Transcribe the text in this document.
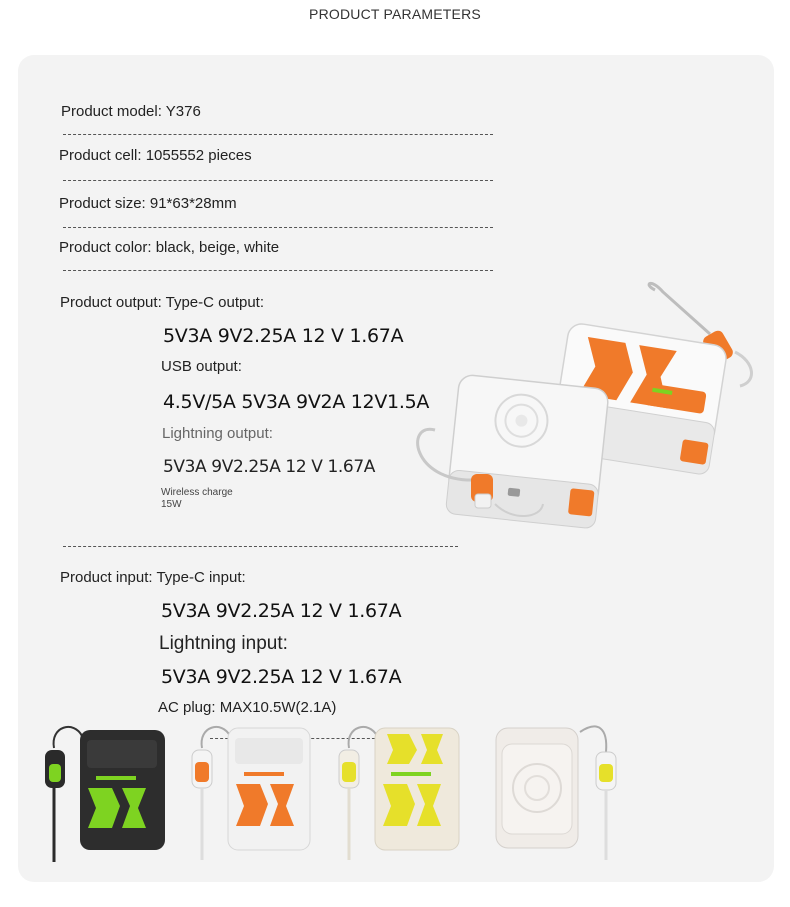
PRODUCT PARAMETERS
Product model: Y376
Product cell: 1055552 pieces
Product size: 91*63*28mm
Product color: black, beige, white
Product output: Type-C output:
5V3A 9V2.25A 12 V 1.67A
USB output:
4.5V/5A 5V3A 9V2A 12V1.5A
Lightning output:
5V3A 9V2.25A 12 V 1.67A
Wireless charge
15W
Product input: Type-C input:
5V3A 9V2.25A 12 V 1.67A
Lightning input:
5V3A 9V2.25A 12 V 1.67A
AC plug: MAX10.5W(2.1A)
